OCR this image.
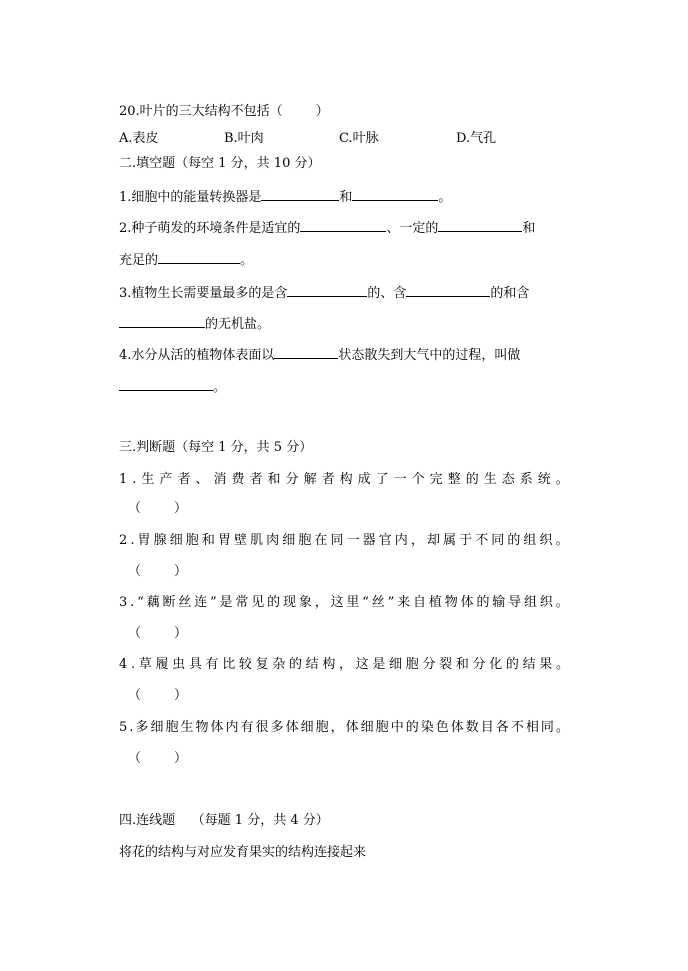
20.叶片的三大结构不包括（        ）
A.表皮	B.叶肉	C.叶脉	D.气孔
二.填空题（每空 1 分，共 10 分）
1.细胞中的能量转换器是	和	。
2.种子萌发的环境条件是适宜的	、一定的	和
充足的	。
3.植物生长需要量最多的是含	的、含	的和含
的无机盐。
4.水分从活的植物体表面以	状态散失到大气中的过程，叫做
。
三.判断题（每空 1 分，共 5 分）
1 . 生 产 者 、 消 费 者 和 分 解 者 构 成 了 一 个 完 整 的 生 态 系 统 。
（        ）
2 . 胃 腺 细 胞 和 胃 壁 肌 肉 细 胞 在 同 一 器 官 内 ， 却 属 于 不 同 的 组 织 。
（        ）
3 . “ 藕 断 丝 连 ” 是 常 见 的 现 象 ， 这 里 “ 丝 ” 来 自 植 物 体 的 输 导 组 织 。
（        ）
4 . 草 履 虫 具 有 比 较 复 杂 的 结 构 ， 这 是 细 胞 分 裂 和 分 化 的 结 果 。
（        ）
5 . 多 细 胞 生 物 体 内 有 很 多 体 细 胞 ， 体 细 胞 中 的 染 色 体 数 目 各 不 相 同 。
（        ）
四.连线题    （每题 1 分，共 4 分）
将花的结构与对应发育果实的结构连接起来
